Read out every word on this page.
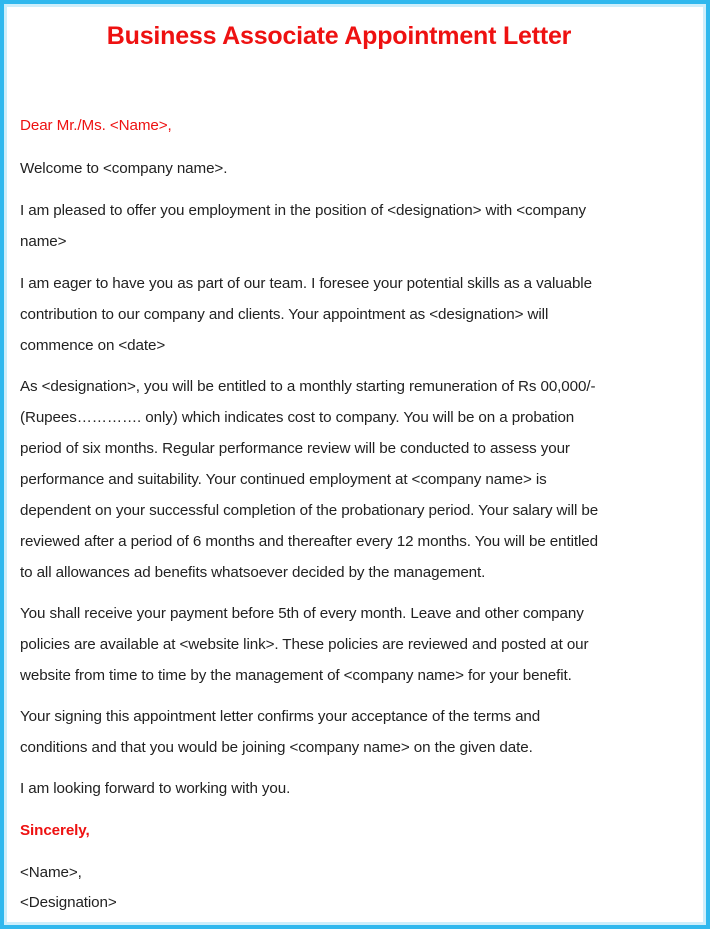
Business Associate Appointment Letter
Dear Mr./Ms. <Name>,
Welcome to <company name>.
I am pleased to offer you employment in the position of <designation> with <company
name>
I am eager to have you as part of our team. I foresee your potential skills as a valuable
contribution to our company and clients. Your appointment as <designation> will
commence on <date>
As <designation>, you will be entitled to a monthly starting remuneration of Rs 00,000/-
(Rupees…………. only) which indicates cost to company. You will be on a probation
period of six months. Regular performance review will be conducted to assess your
performance and suitability. Your continued employment at <company name> is
dependent on your successful completion of the probationary period. Your salary will be
reviewed after a period of 6 months and thereafter every 12 months. You will be entitled
to all allowances ad benefits whatsoever decided by the management.
You shall receive your payment before 5th of every month. Leave and other company
policies are available at <website link>. These policies are reviewed and posted at our
website from time to time by the management of <company name> for your benefit.
Your signing this appointment letter confirms your acceptance of the terms and
conditions and that you would be joining <company name> on the given date.
I am looking forward to working with you.
Sincerely,
<Name>,
<Designation>
